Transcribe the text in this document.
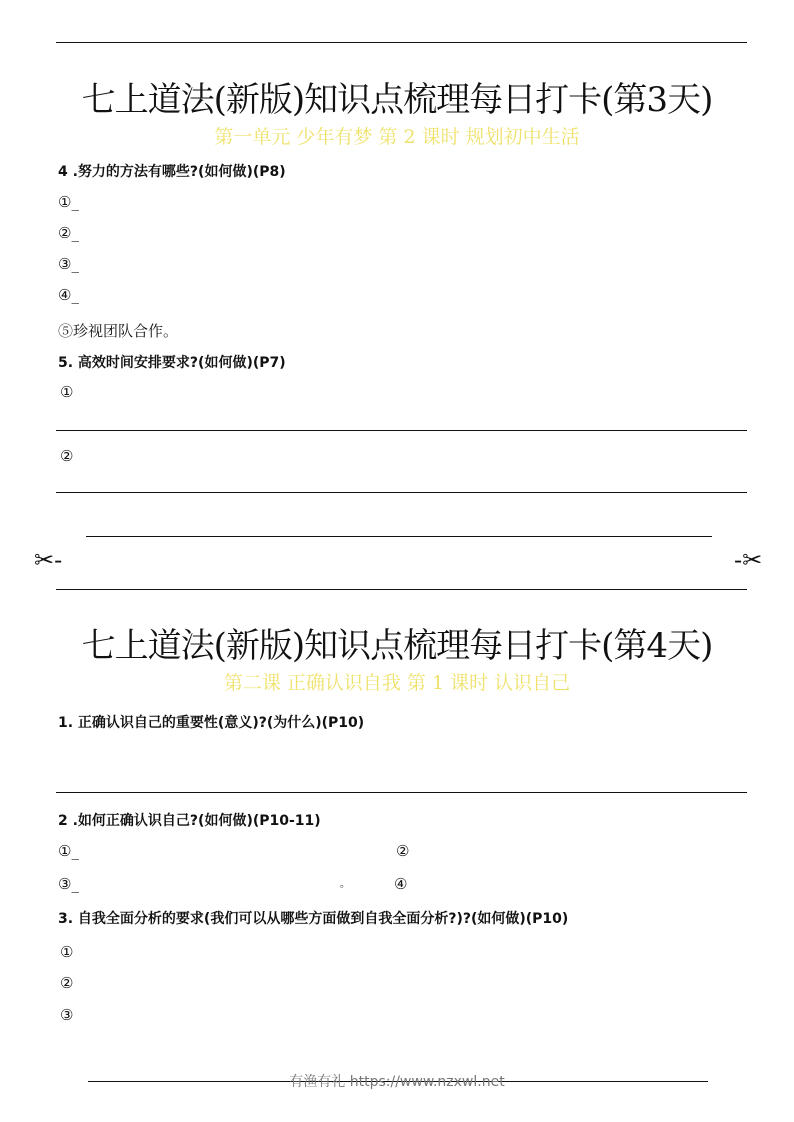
七上道法(新版)知识点梳理每日打卡(第3天)
第一单元 少年有梦 第 2 课时 规划初中生活
4 .努力的方法有哪些?(如何做)(P8)
①_
②_
③_
④_
⑤珍视团队合作。
5. 高效时间安排要求?(如何做)(P7)
①
②
✂-	-✂
七上道法(新版)知识点梳理每日打卡(第4天)
第二课 正确认识自我 第 1 课时 认识自己
1. 正确认识自己的重要性(意义)?(为什么)(P10)
2 .如何正确认识自己?(如何做)(P10-11)
①_	②
③_	。	④
3. 自我全面分析的要求(我们可以从哪些方面做到自我全面分析?)?(如何做)(P10)
①
②
③
有渔有礼 https://www.nzxwl.net
